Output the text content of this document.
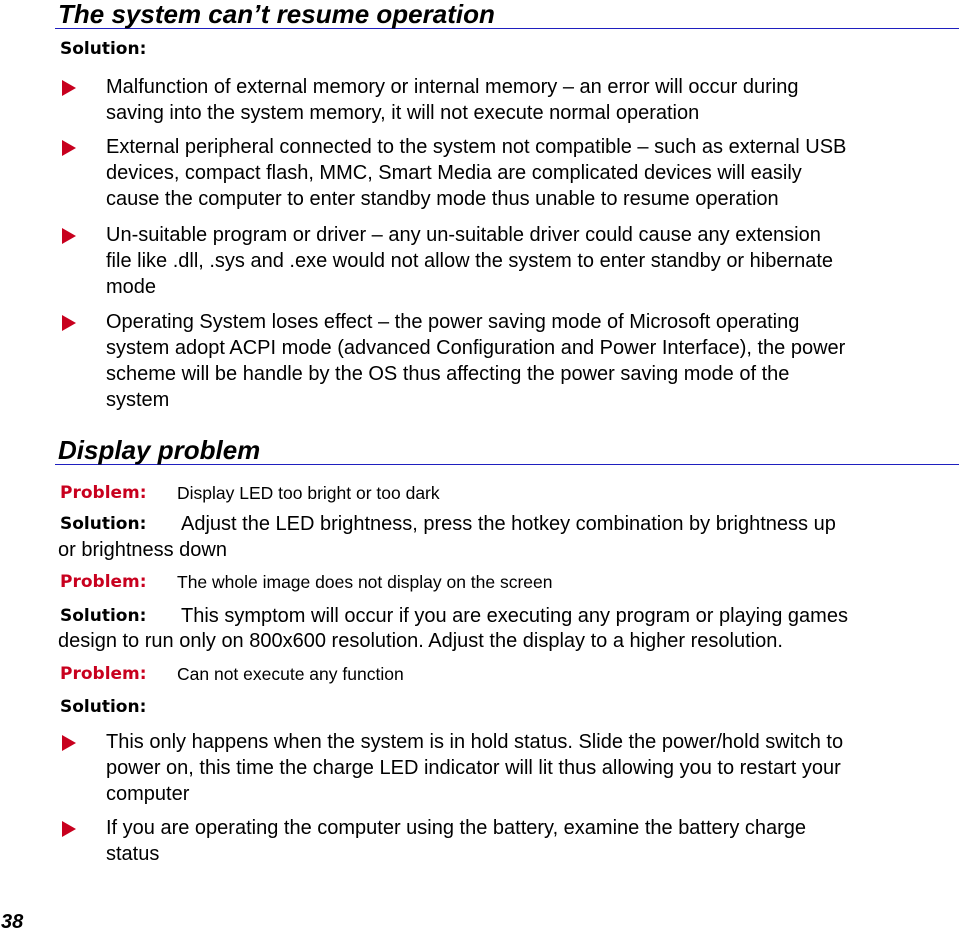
The system can’t resume operation
Solution:
Malfunction of external memory or internal memory – an error will occur during
saving into the system memory, it will not execute normal operation
External peripheral connected to the system not compatible – such as external USB
devices, compact flash, MMC, Smart Media are complicated devices will easily
cause the computer to enter standby mode thus unable to resume operation
Un-suitable program or driver – any un-suitable driver could cause any extension
file like .dll, .sys and .exe would not allow the system to enter standby or hibernate
mode
Operating System loses effect – the power saving mode of Microsoft operating
system adopt ACPI mode (advanced Configuration and Power Interface), the power
scheme will be handle by the OS thus affecting the power saving mode of the
system
Display problem
Problem: Display LED too bright or too dark
Solution: Adjust the LED brightness, press the hotkey combination by brightness up
or brightness down
Problem: The whole image does not display on the screen
Solution: This symptom will occur if you are executing any program or playing games
design to run only on 800x600 resolution. Adjust the display to a higher resolution.
Problem: Can not execute any function
Solution:
This only happens when the system is in hold status. Slide the power/hold switch to
power on, this time the charge LED indicator will lit thus allowing you to restart your
computer
If you are operating the computer using the battery, examine the battery charge
status
38
